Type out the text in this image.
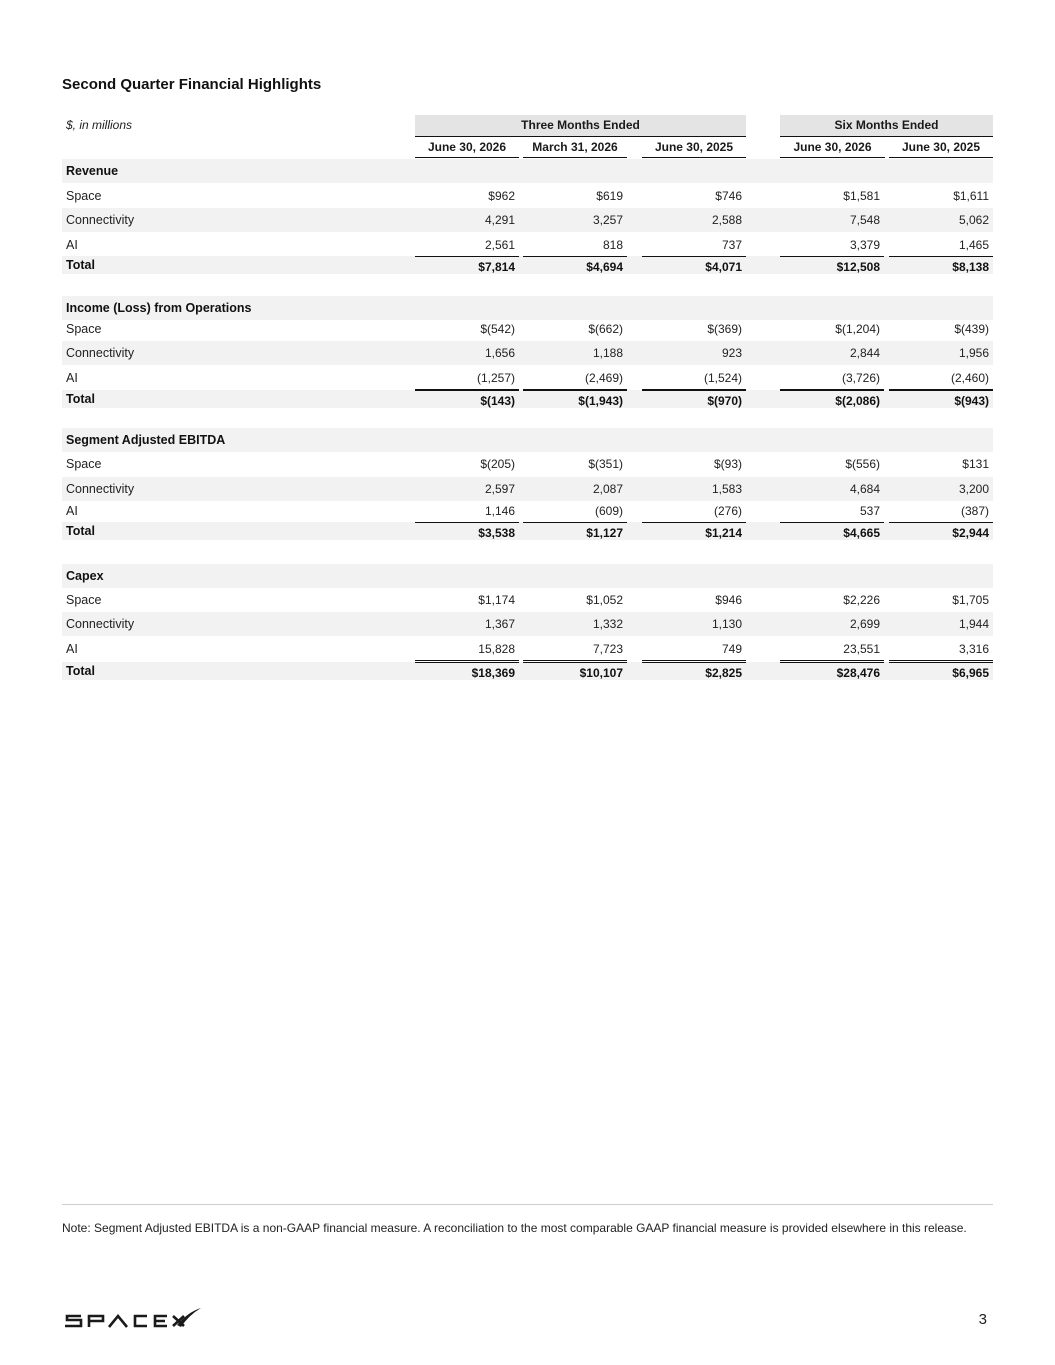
Second Quarter Financial Highlights
$, in millions	Three Months Ended	Six Months Ended
June 30, 2026	March 31, 2026	June 30, 2025	June 30, 2026	June 30, 2025
Revenue
Space	$962	$619	$746	$1,581	$1,611
Connectivity	4,291	3,257	2,588	7,548	5,062
AI	2,561	818	737	3,379	1,465
Total	$7,814	$4,694	$4,071	$12,508	$8,138
Income (Loss) from Operations
Space	$(542)	$(662)	$(369)	$(1,204)	$(439)
Connectivity	1,656	1,188	923	2,844	1,956
AI	(1,257)	(2,469)	(1,524)	(3,726)	(2,460)
Total	$(143)	$(1,943)	$(970)	$(2,086)	$(943)
Segment Adjusted EBITDA
Space	$(205)	$(351)	$(93)	$(556)	$131
Connectivity	2,597	2,087	1,583	4,684	3,200
AI	1,146	(609)	(276)	537	(387)
Total	$3,538	$1,127	$1,214	$4,665	$2,944
Capex
Space	$1,174	$1,052	$946	$2,226	$1,705
Connectivity	1,367	1,332	1,130	2,699	1,944
AI	15,828	7,723	749	23,551	3,316
Total	$18,369	$10,107	$2,825	$28,476	$6,965
Note: Segment Adjusted EBITDA is a non-GAAP financial measure. A reconciliation to the most comparable GAAP financial measure is provided elsewhere in this release.
3
